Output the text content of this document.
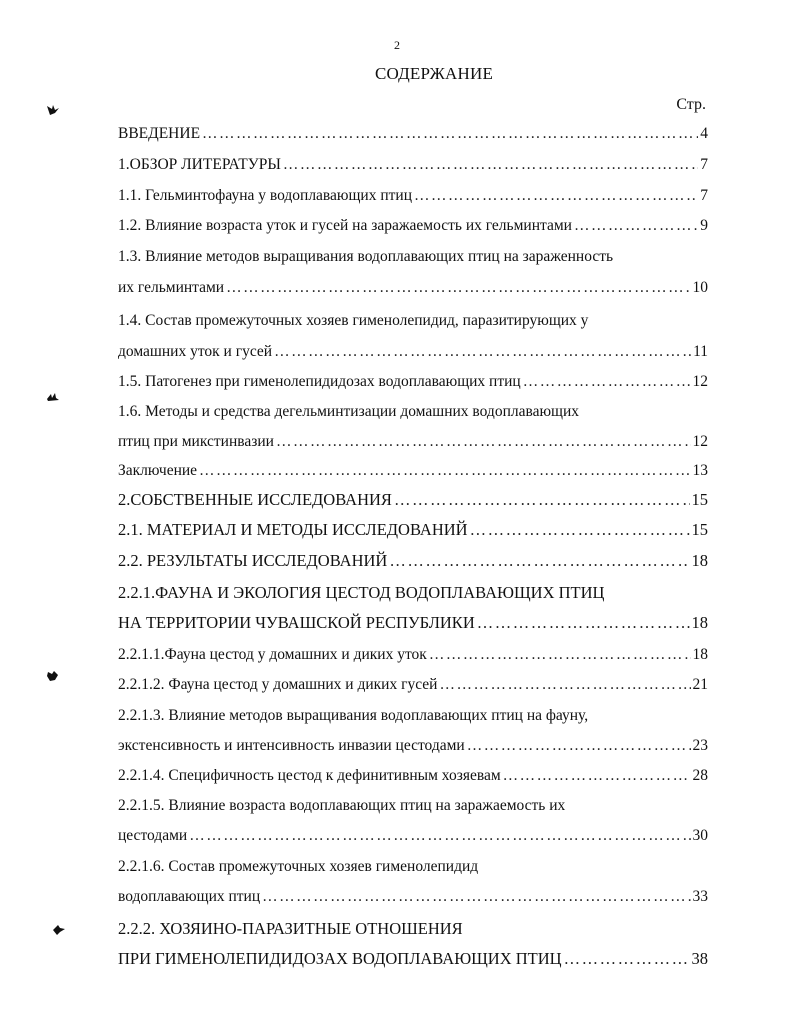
2
СОДЕРЖАНИЕ
Стр.
ВВЕДЕНИЕ ……………………………………………………………………………………………………………………………………………………………………	4
1.ОБЗОР ЛИТЕРАТУРЫ ……………………………………………………………………………………………………………………………………………………………………	7
1.1. Гельминтофауна у водоплавающих птиц ……………………………………………………………………………………………………………………………………………………………………	7
1.2. Влияние возраста уток и гусей на заражаемость их гельминтами ……………………………………………………………………………………………………………………………………………………………………	9
1.3. Влияние методов выращивания водоплавающих птиц на зараженность
их гельминтами ……………………………………………………………………………………………………………………………………………………………………	10
1.4. Состав промежуточных хозяев гименолепидид, паразитирующих у
домашних уток и гусей ……………………………………………………………………………………………………………………………………………………………………	11
1.5. Патогенез при гименолепидидозах водоплавающих птиц ……………………………………………………………………………………………………………………………………………………………………	12
1.6. Методы и средства дегельминтизации домашних водоплавающих
птиц при микстинвазии ……………………………………………………………………………………………………………………………………………………………………	12
Заключение ……………………………………………………………………………………………………………………………………………………………………	13
2.СОБСТВЕННЫЕ ИССЛЕДОВАНИЯ ……………………………………………………………………………………………………………………………………………………………………	15
2.1. МАТЕРИАЛ И МЕТОДЫ ИССЛЕДОВАНИЙ ……………………………………………………………………………………………………………………………………………………………………	15
2.2. РЕЗУЛЬТАТЫ ИССЛЕДОВАНИЙ ……………………………………………………………………………………………………………………………………………………………………	18
2.2.1.ФАУНА И ЭКОЛОГИЯ ЦЕСТОД ВОДОПЛАВАЮЩИХ ПТИЦ
НА ТЕРРИТОРИИ ЧУВАШСКОЙ РЕСПУБЛИКИ ……………………………………………………………………………………………………………………………………………………………………	18
2.2.1.1.Фауна цестод у домашних и диких уток ……………………………………………………………………………………………………………………………………………………………………	18
2.2.1.2. Фауна цестод у домашних и диких гусей ……………………………………………………………………………………………………………………………………………………………………	21
2.2.1.3. Влияние методов выращивания водоплавающих птиц на фауну,
экстенсивность и интенсивность инвазии цестодами ……………………………………………………………………………………………………………………………………………………………………	23
2.2.1.4. Специфичность цестод к дефинитивным хозяевам ……………………………………………………………………………………………………………………………………………………………………	28
2.2.1.5. Влияние возраста водоплавающих птиц на заражаемость их
цестодами ……………………………………………………………………………………………………………………………………………………………………	30
2.2.1.6. Состав промежуточных хозяев гименолепидид
водоплавающих птиц ……………………………………………………………………………………………………………………………………………………………………	33
2.2.2. ХОЗЯИНО-ПАРАЗИТНЫЕ ОТНОШЕНИЯ
ПРИ ГИМЕНОЛЕПИДИДОЗАХ ВОДОПЛАВАЮЩИХ ПТИЦ ……………………………………………………………………………………………………………………………………………………………………	38
